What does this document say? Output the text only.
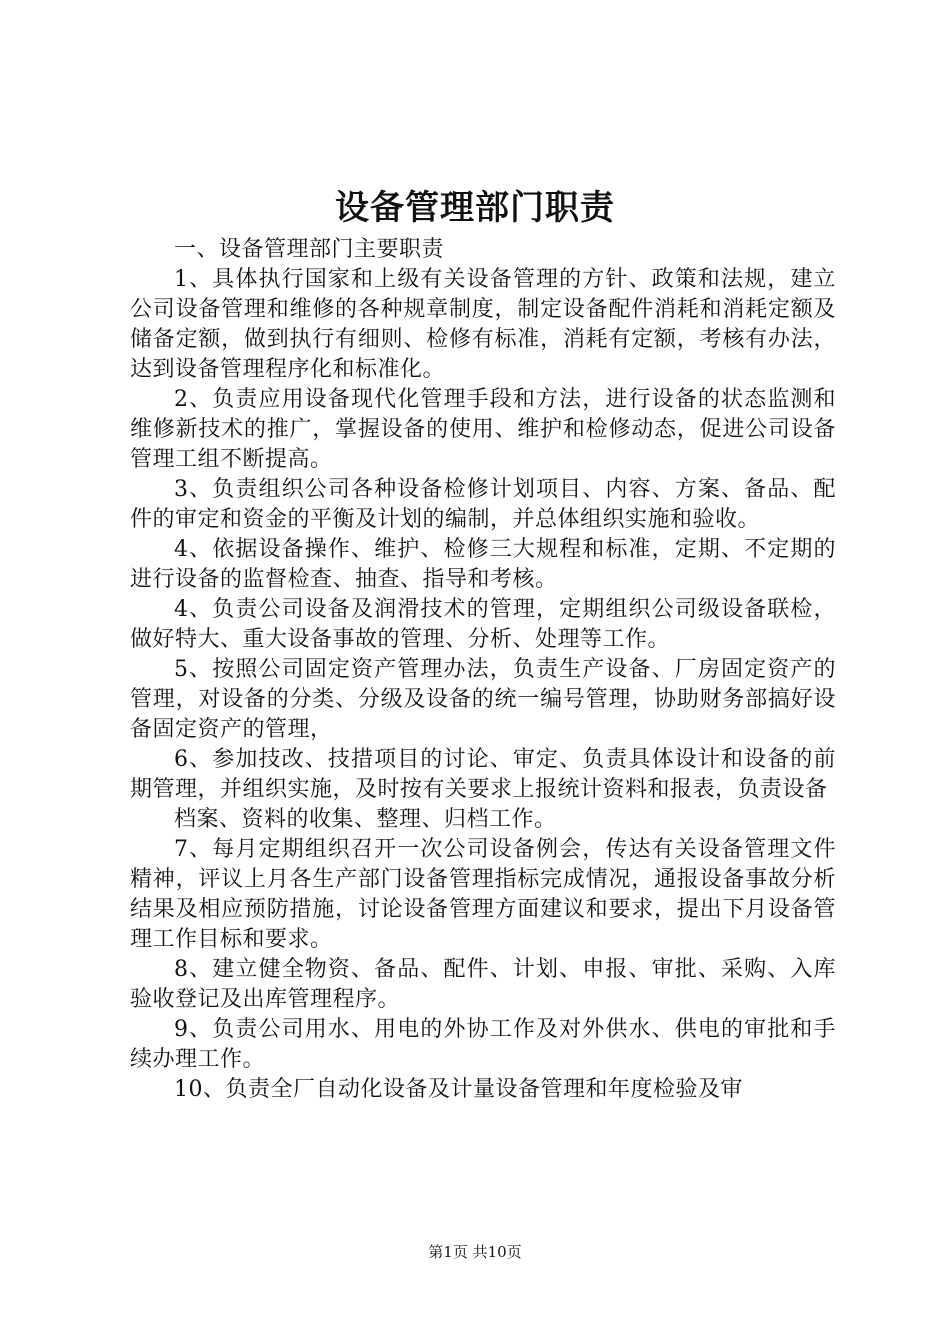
设备管理部门职责

一、设备管理部门主要职责

1、具体执行国家和上级有关设备管理的方针、政策和法规，建立公司设备管理和维修的各种规章制度，制定设备配件消耗和消耗定额及储备定额，做到执行有细则、检修有标准，消耗有定额，考核有办法，达到设备管理程序化和标准化。

2、负责应用设备现代化管理手段和方法，进行设备的状态监测和维修新技术的推广，掌握设备的使用、维护和检修动态，促进公司设备管理工组不断提高。

3、负责组织公司各种设备检修计划项目、内容、方案、备品、配件的审定和资金的平衡及计划的编制，并总体组织实施和验收。

4、依据设备操作、维护、检修三大规程和标准，定期、不定期的进行设备的监督检查、抽查、指导和考核。

4、负责公司设备及润滑技术的管理，定期组织公司级设备联检，做好特大、重大设备事故的管理、分析、处理等工作。

5、按照公司固定资产管理办法，负责生产设备、厂房固定资产的管理，对设备的分类、分级及设备的统一编号管理，协助财务部搞好设备固定资产的管理，

6、参加技改、技措项目的讨论、审定、负责具体设计和设备的前期管理，并组织实施，及时按有关要求上报统计资料和报表，负责设备

档案、资料的收集、整理、归档工作。

7、每月定期组织召开一次公司设备例会，传达有关设备管理文件精神，评议上月各生产部门设备管理指标完成情况，通报设备事故分析结果及相应预防措施，讨论设备管理方面建议和要求，提出下月设备管理工作目标和要求。

8、建立健全物资、备品、配件、计划、申报、审批、采购、入库验收登记及出库管理程序。

9、负责公司用水、用电的外协工作及对外供水、供电的审批和手续办理工作。

10、负责全厂自动化设备及计量设备管理和年度检验及审

第1页 共10页
